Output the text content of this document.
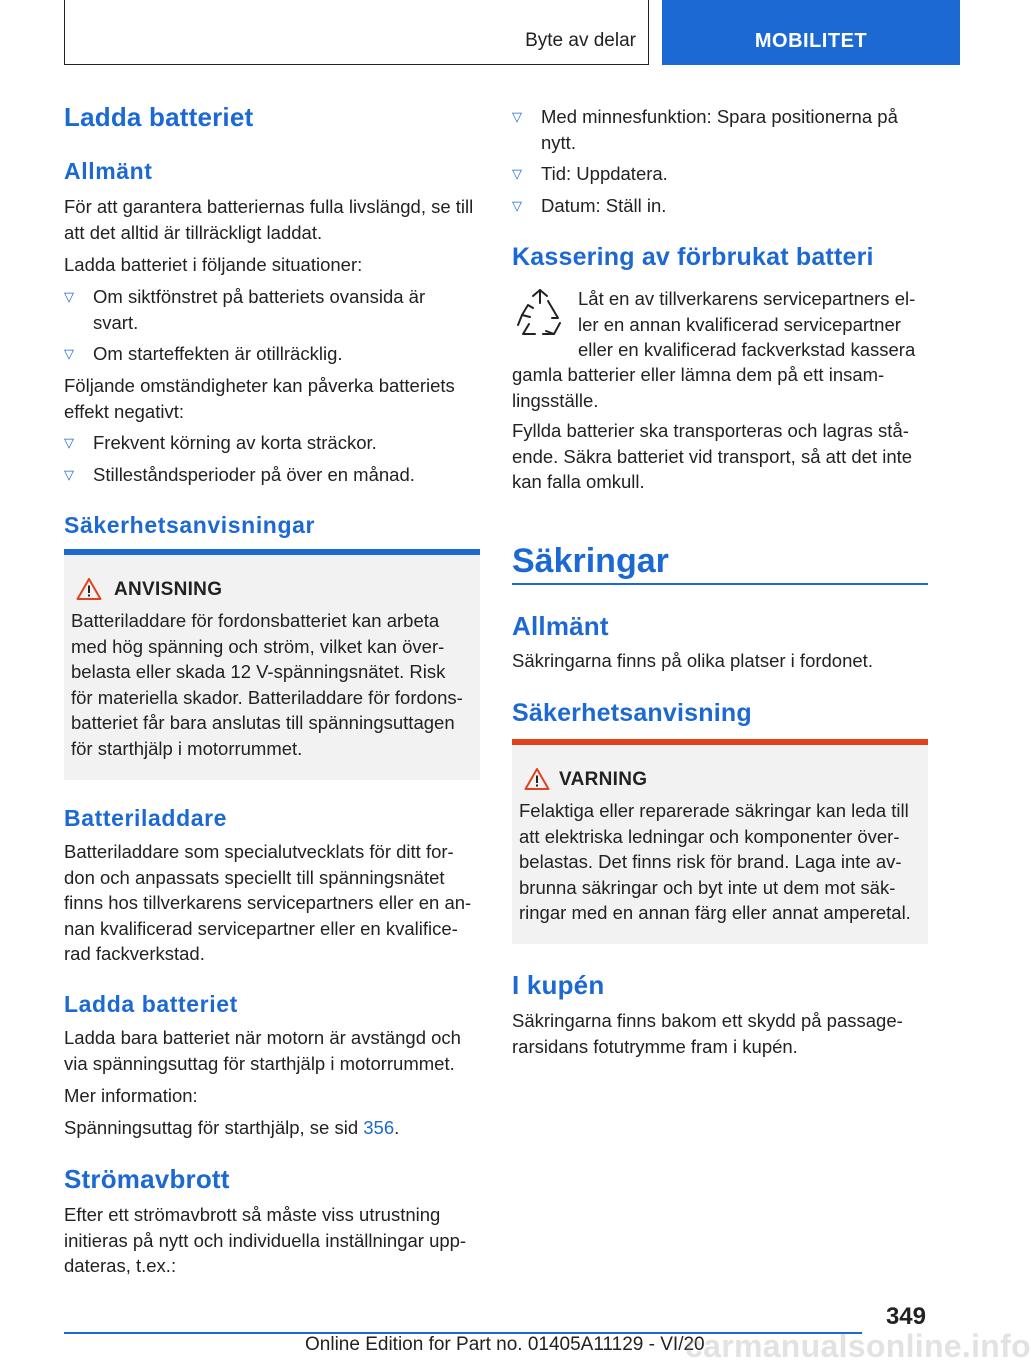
Byte av delar	MOBILITET
Ladda batteriet
Allmänt
För att garantera batteriernas fulla livslängd, se till
att det alltid är tillräckligt laddat.
Ladda batteriet i följande situationer:
▽ Om siktfönstret på batteriets ovansida är
svart.
▽ Om starteffekten är otillräcklig.
Följande omständigheter kan påverka batteriets
effekt negativt:
▽ Frekvent körning av korta sträckor.
▽ Stilleståndsperioder på över en månad.
Säkerhetsanvisningar
ANVISNING
Batteriladdare för fordonsbatteriet kan arbeta
med hög spänning och ström, vilket kan över-
belasta eller skada 12 V-spänningsnätet. Risk
för materiella skador. Batteriladdare för fordons-
batteriet får bara anslutas till spänningsuttagen
för starthjälp i motorrummet.
Batteriladdare
Batteriladdare som specialutvecklats för ditt for-
don och anpassats speciellt till spänningsnätet
finns hos tillverkarens servicepartners eller en an-
nan kvalificerad servicepartner eller en kvalifice-
rad fackverkstad.
Ladda batteriet
Ladda bara batteriet när motorn är avstängd och
via spänningsuttag för starthjälp i motorrummet.
Mer information:
Spänningsuttag för starthjälp, se sid 356.
Strömavbrott
Efter ett strömavbrott så måste viss utrustning
initieras på nytt och individuella inställningar upp-
dateras, t.ex.:
▽ Med minnesfunktion: Spara positionerna på
nytt.
▽ Tid: Uppdatera.
▽ Datum: Ställ in.
Kassering av förbrukat batteri
Låt en av tillverkarens servicepartners el-
ler en annan kvalificerad servicepartner
eller en kvalificerad fackverkstad kassera
gamla batterier eller lämna dem på ett insam-
lingsställe.
Fyllda batterier ska transporteras och lagras stå-
ende. Säkra batteriet vid transport, så att det inte
kan falla omkull.
Säkringar
Allmänt
Säkringarna finns på olika platser i fordonet.
Säkerhetsanvisning
VARNING
Felaktiga eller reparerade säkringar kan leda till
att elektriska ledningar och komponenter över-
belastas. Det finns risk för brand. Laga inte av-
brunna säkringar och byt inte ut dem mot säk-
ringar med en annan färg eller annat amperetal.
I kupén
Säkringarna finns bakom ett skydd på passage-
rarsidans fotutrymme fram i kupén.
349
Online Edition for Part no. 01405A11129 - VI/20
carmanualsonline.info
